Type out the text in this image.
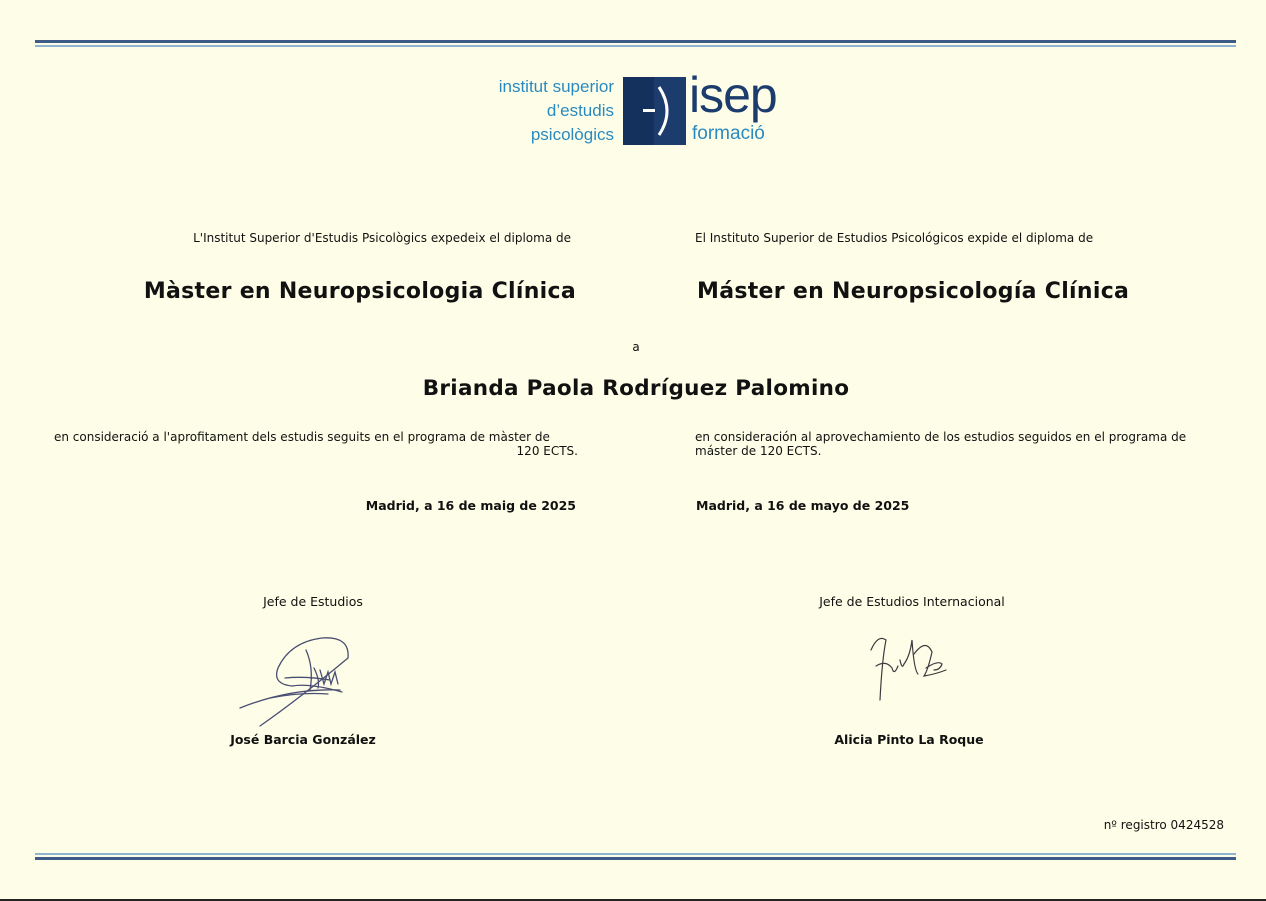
institut superior
d’estudis
psicològics
isep
formació
L'Institut Superior d'Estudis Psicològics expedeix el diploma de	El Instituto Superior de Estudios Psicológicos expide el diploma de
Màster en Neuropsicologia Clínica	Máster en Neuropsicología Clínica
a
Brianda Paola Rodríguez Palomino
en consideració a l'aprofitament dels estudis seguits en el programa de màster de
120 ECTS.
en consideración al aprovechamiento de los estudios seguidos en el programa de
máster de 120 ECTS.
Madrid, a 16 de maig de 2025	Madrid, a 16 de mayo de 2025
Jefe de Estudios	Jefe de Estudios Internacional
José Barcia González	Alicia Pinto La Roque
nº registro 0424528
